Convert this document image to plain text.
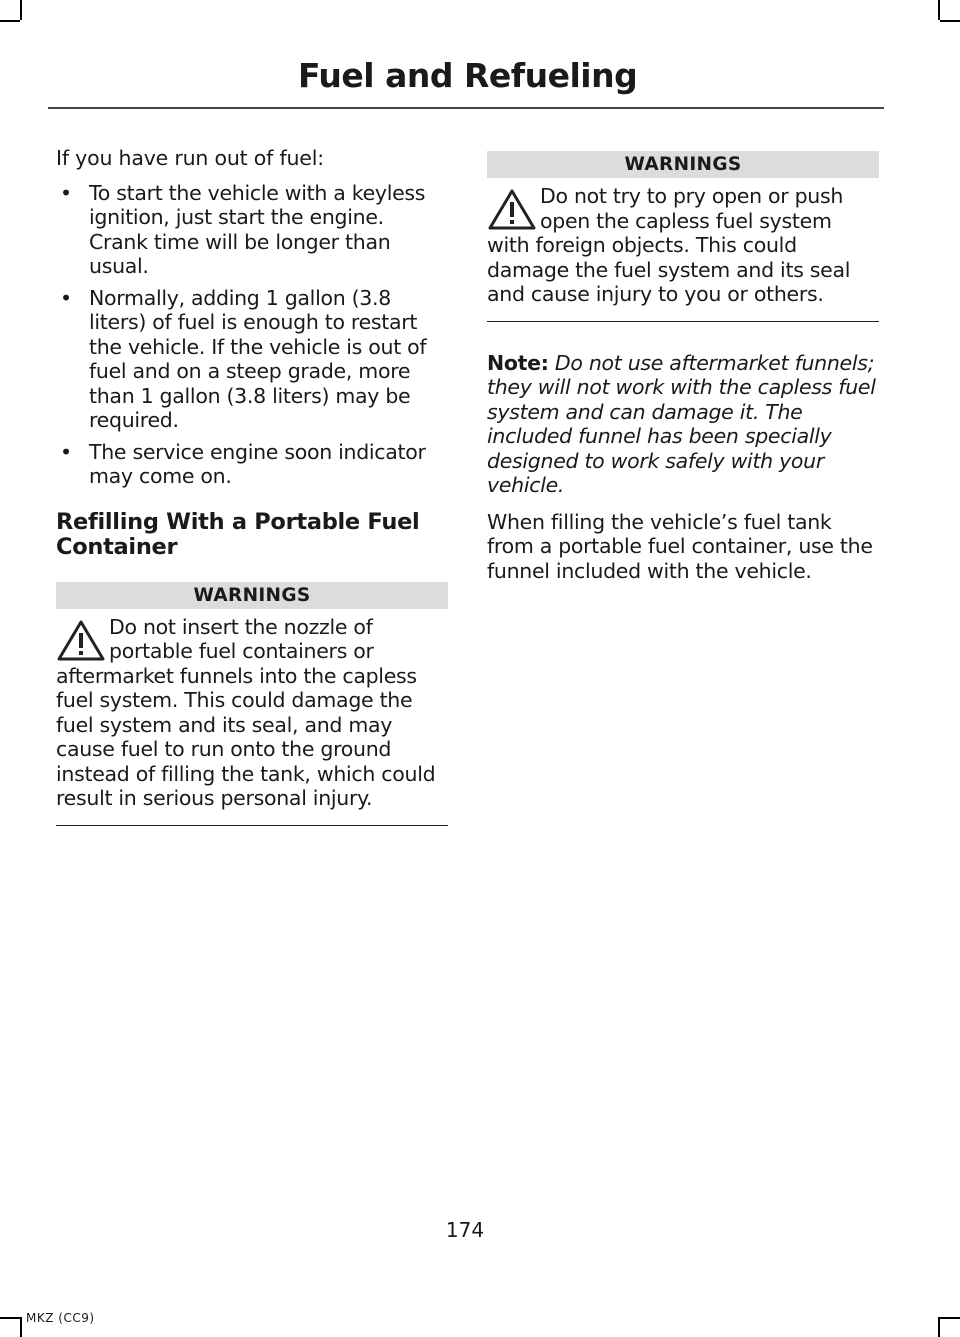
Fuel and Refueling

If you have run out of fuel:

• To start the vehicle with a keyless ignition, just start the engine. Crank time will be longer than usual.
• Normally, adding 1 gallon (3.8 liters) of fuel is enough to restart the vehicle. If the vehicle is out of fuel and on a steep grade, more than 1 gallon (3.8 liters) may be required.
• The service engine soon indicator may come on.
Refilling With a Portable Fuel Container
WARNINGS
Do not insert the nozzle of portable fuel containers or aftermarket funnels into the capless fuel system. This could damage the fuel system and its seal, and may cause fuel to run onto the ground instead of filling the tank, which could result in serious personal injury.
WARNINGS
Do not try to pry open or push open the capless fuel system with foreign objects. This could damage the fuel system and its seal and cause injury to you or others.

Note: Do not use aftermarket funnels; they will not work with the capless fuel system and can damage it. The included funnel has been specially designed to work safely with your vehicle.

When filling the vehicle’s fuel tank from a portable fuel container, use the funnel included with the vehicle.

174
MKZ (CC9)
